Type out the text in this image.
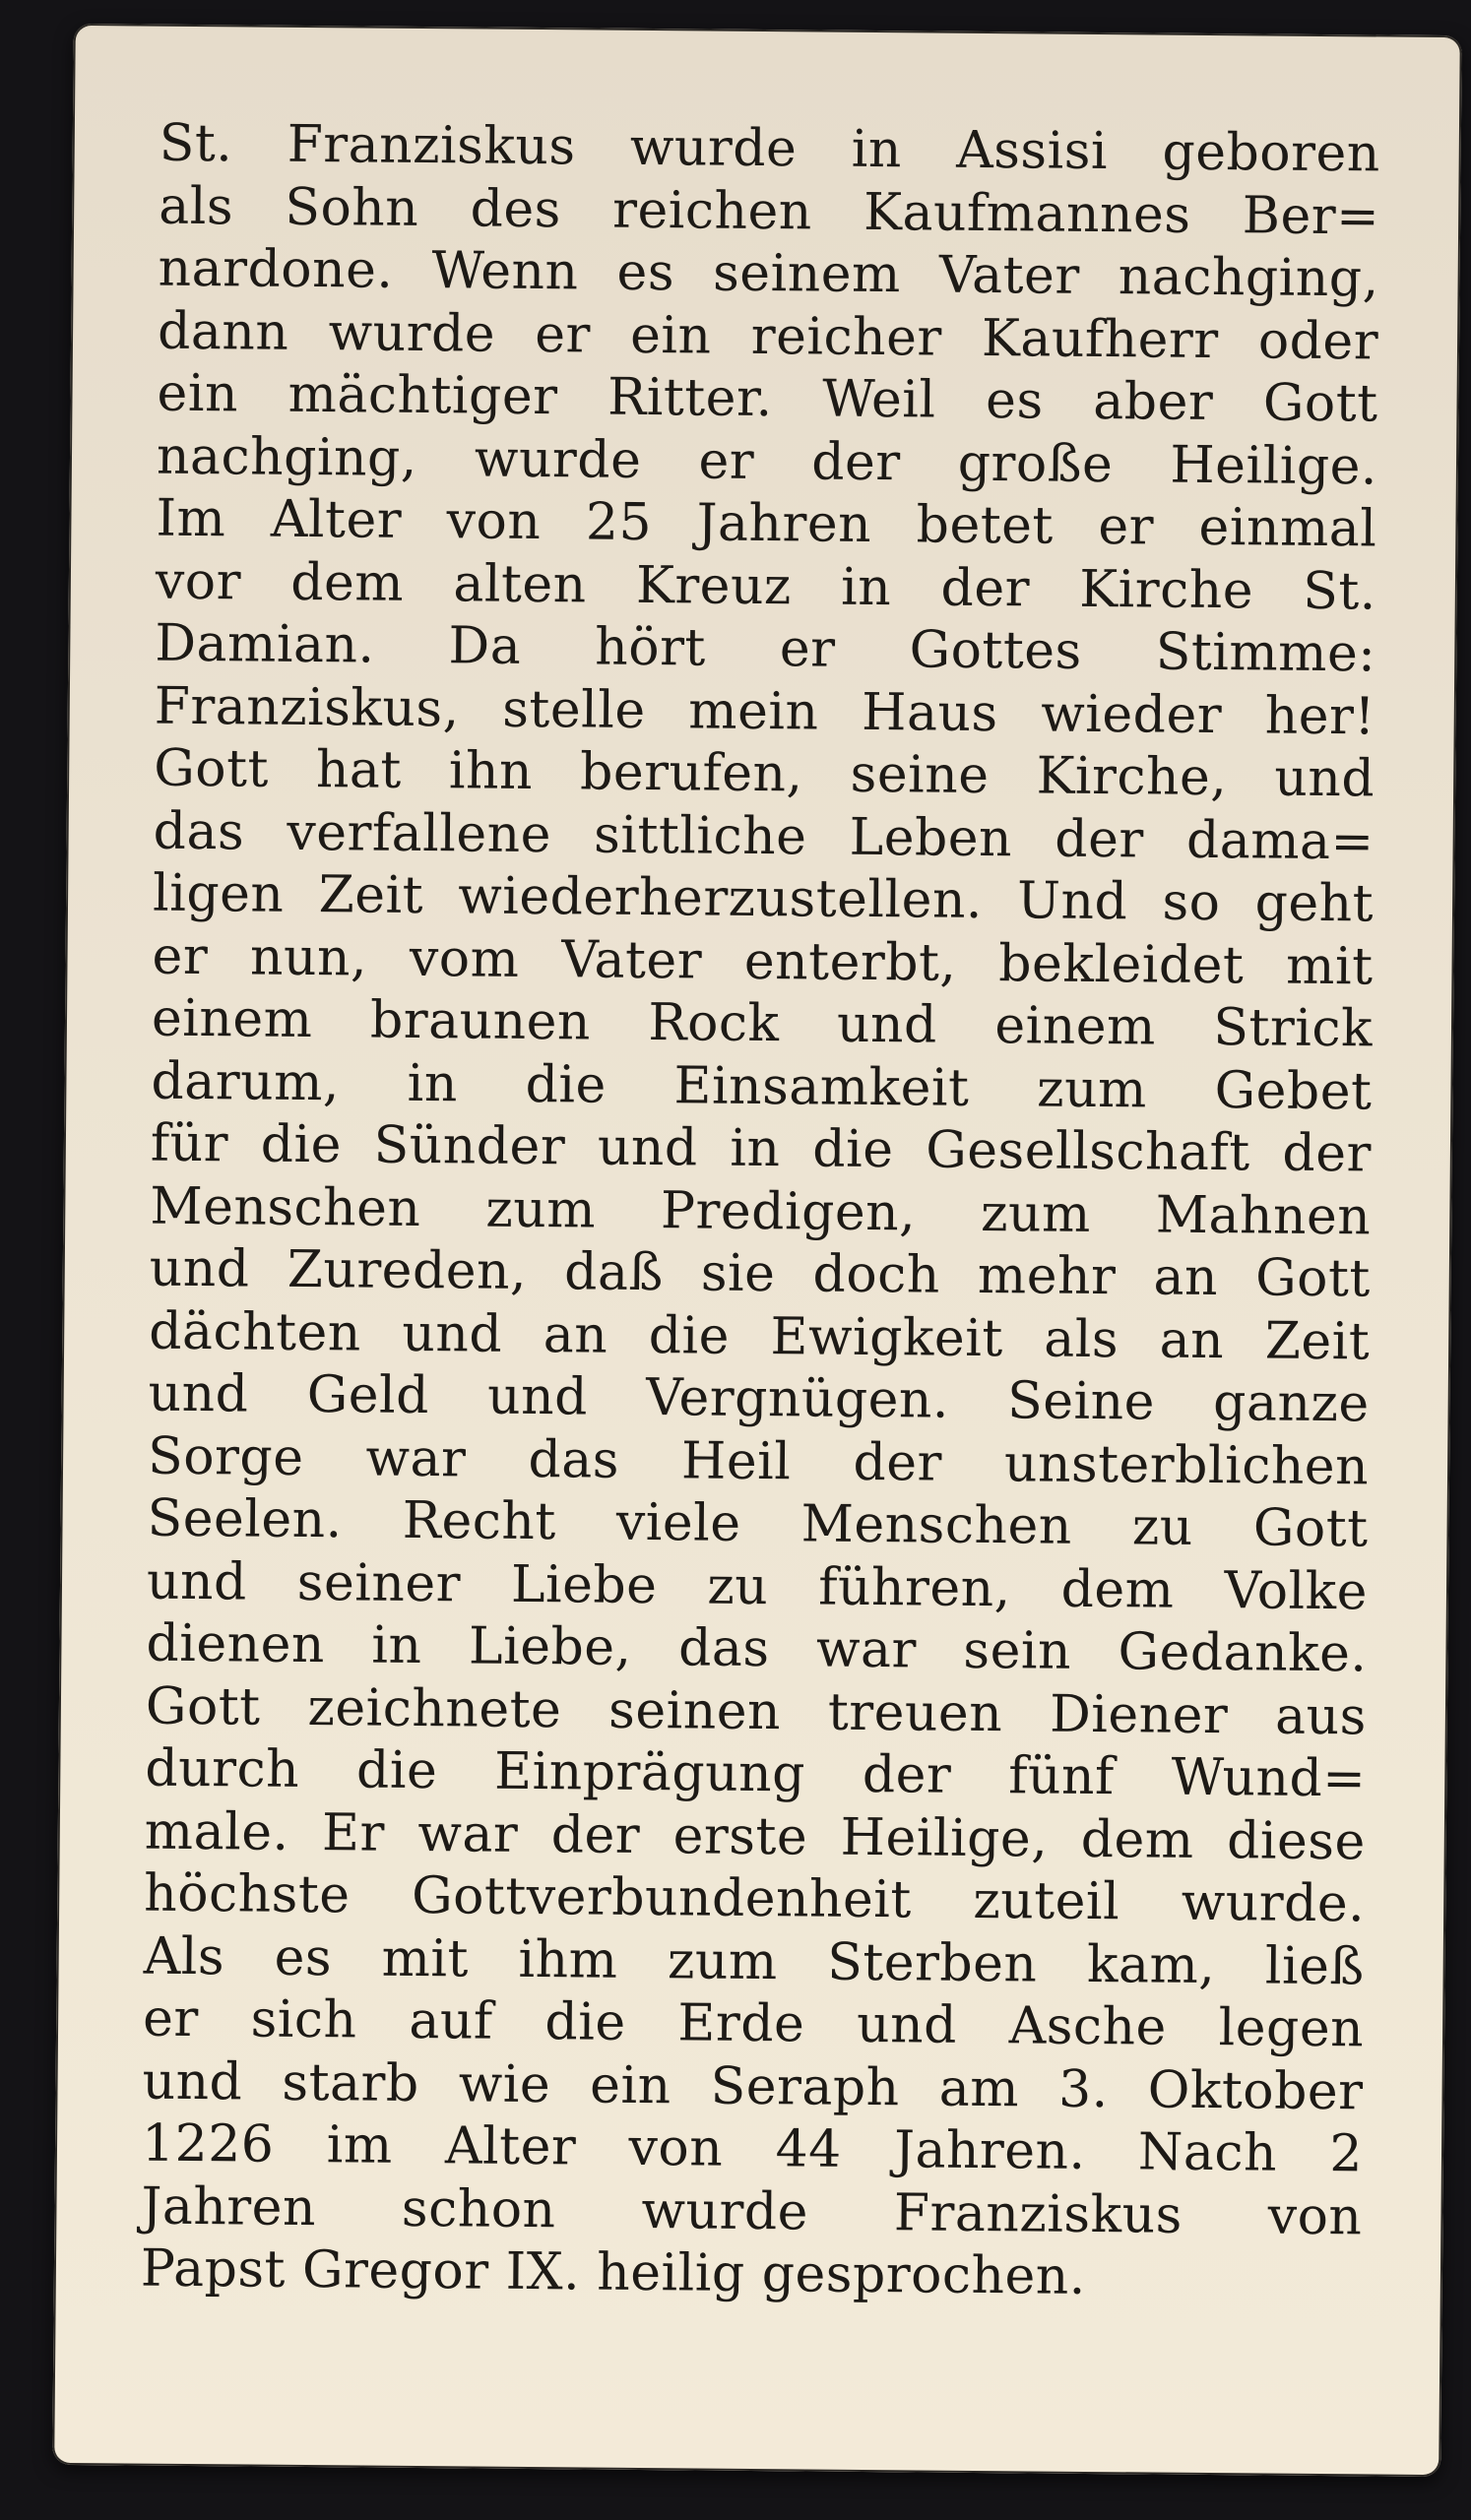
St. Franziskus wurde in Assisi geboren
als Sohn des reichen Kaufmannes Ber=
nardone. Wenn es seinem Vater nachging,
dann wurde er ein reicher Kaufherr oder
ein mächtiger Ritter. Weil es aber Gott
nachging, wurde er der große Heilige.
Im Alter von 25 Jahren betet er einmal
vor dem alten Kreuz in der Kirche St.
Damian. Da hört er Gottes Stimme:
Franziskus, stelle mein Haus wieder her!
Gott hat ihn berufen, seine Kirche, und
das verfallene sittliche Leben der dama=
ligen Zeit wiederherzustellen. Und so geht
er nun, vom Vater enterbt, bekleidet mit
einem braunen Rock und einem Strick
darum, in die Einsamkeit zum Gebet
für die Sünder und in die Gesellschaft der
Menschen zum Predigen, zum Mahnen
und Zureden, daß sie doch mehr an Gott
dächten und an die Ewigkeit als an Zeit
und Geld und Vergnügen. Seine ganze
Sorge war das Heil der unsterblichen
Seelen. Recht viele Menschen zu Gott
und seiner Liebe zu führen, dem Volke
dienen in Liebe, das war sein Gedanke.
Gott zeichnete seinen treuen Diener aus
durch die Einprägung der fünf Wund=
male. Er war der erste Heilige, dem diese
höchste Gottverbundenheit zuteil wurde.
Als es mit ihm zum Sterben kam, ließ
er sich auf die Erde und Asche legen
und starb wie ein Seraph am 3. Oktober
1226 im Alter von 44 Jahren. Nach 2
Jahren schon wurde Franziskus von
Papst Gregor IX. heilig gesprochen.
